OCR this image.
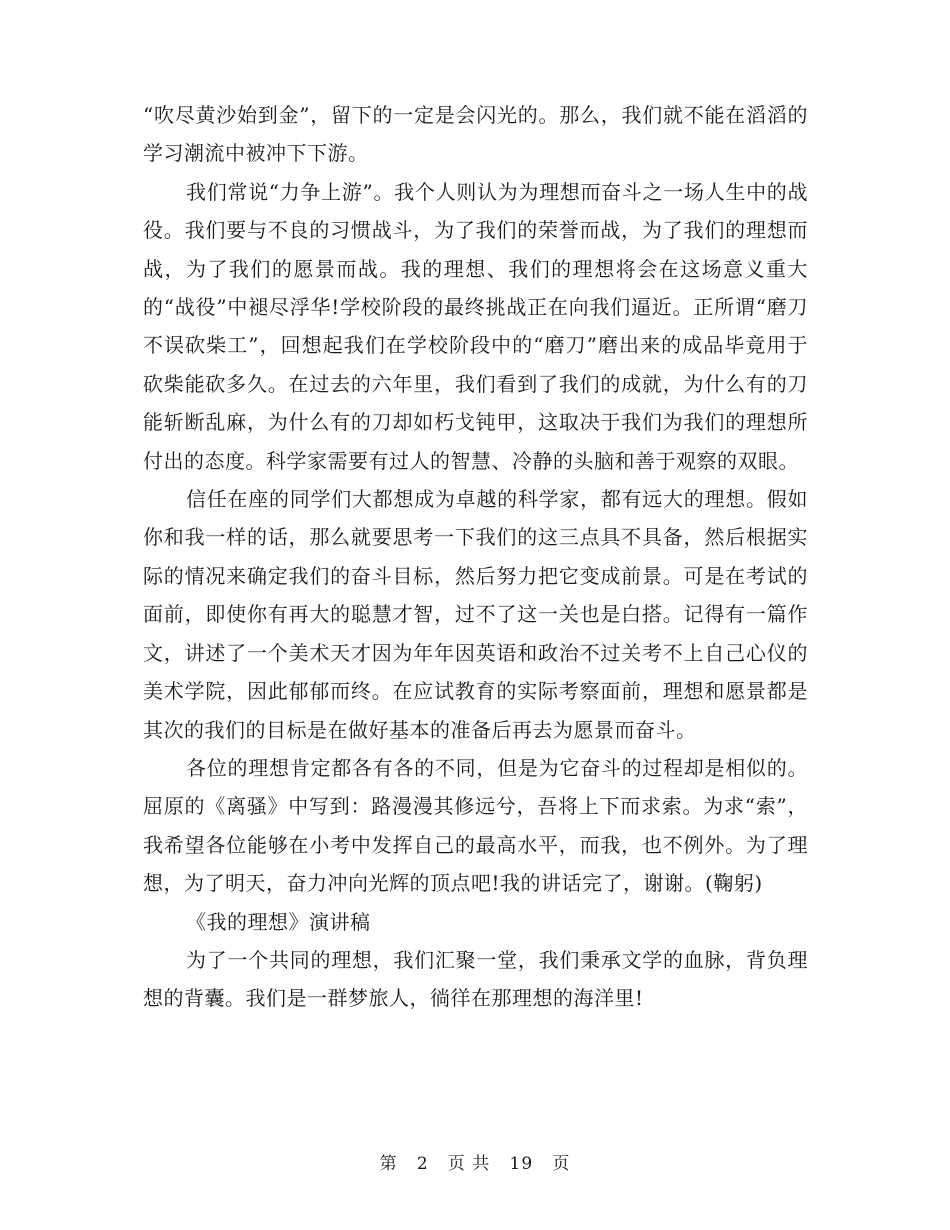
“吹尽黄沙始到金”，留下的一定是会闪光的。那么，我们就不能在滔滔的学习潮流中被冲下下游。

我们常说“力争上游”。我个人则认为为理想而奋斗之一场人生中的战役。我们要与不良的习惯战斗，为了我们的荣誉而战，为了我们的理想而战，为了我们的愿景而战。我的理想、我们的理想将会在这场意义重大的“战役”中褪尽浮华!学校阶段的最终挑战正在向我们逼近。正所谓“磨刀不误砍柴工”，回想起我们在学校阶段中的“磨刀”磨出来的成品毕竟用于砍柴能砍多久。在过去的六年里，我们看到了我们的成就，为什么有的刀能斩断乱麻，为什么有的刀却如朽戈钝甲，这取决于我们为我们的理想所付出的态度。科学家需要有过人的智慧、冷静的头脑和善于观察的双眼。

信任在座的同学们大都想成为卓越的科学家，都有远大的理想。假如你和我一样的话，那么就要思考一下我们的这三点具不具备，然后根据实际的情况来确定我们的奋斗目标，然后努力把它变成前景。可是在考试的面前，即使你有再大的聪慧才智，过不了这一关也是白搭。记得有一篇作文，讲述了一个美术天才因为年年因英语和政治不过关考不上自己心仪的美术学院，因此郁郁而终。在应试教育的实际考察面前，理想和愿景都是其次的我们的目标是在做好基本的准备后再去为愿景而奋斗。

各位的理想肯定都各有各的不同，但是为它奋斗的过程却是相似的。屈原的《离骚》中写到：路漫漫其修远兮，吾将上下而求索。为求“索”，我希望各位能够在小考中发挥自己的最高水平，而我，也不例外。为了理想，为了明天，奋力冲向光辉的顶点吧!我的讲话完了，谢谢。(鞠躬)

《我的理想》演讲稿

为了一个共同的理想，我们汇聚一堂，我们秉承文学的血脉，背负理想的背囊。我们是一群梦旅人，徜徉在那理想的海洋里!

第 2 页 共 19 页
